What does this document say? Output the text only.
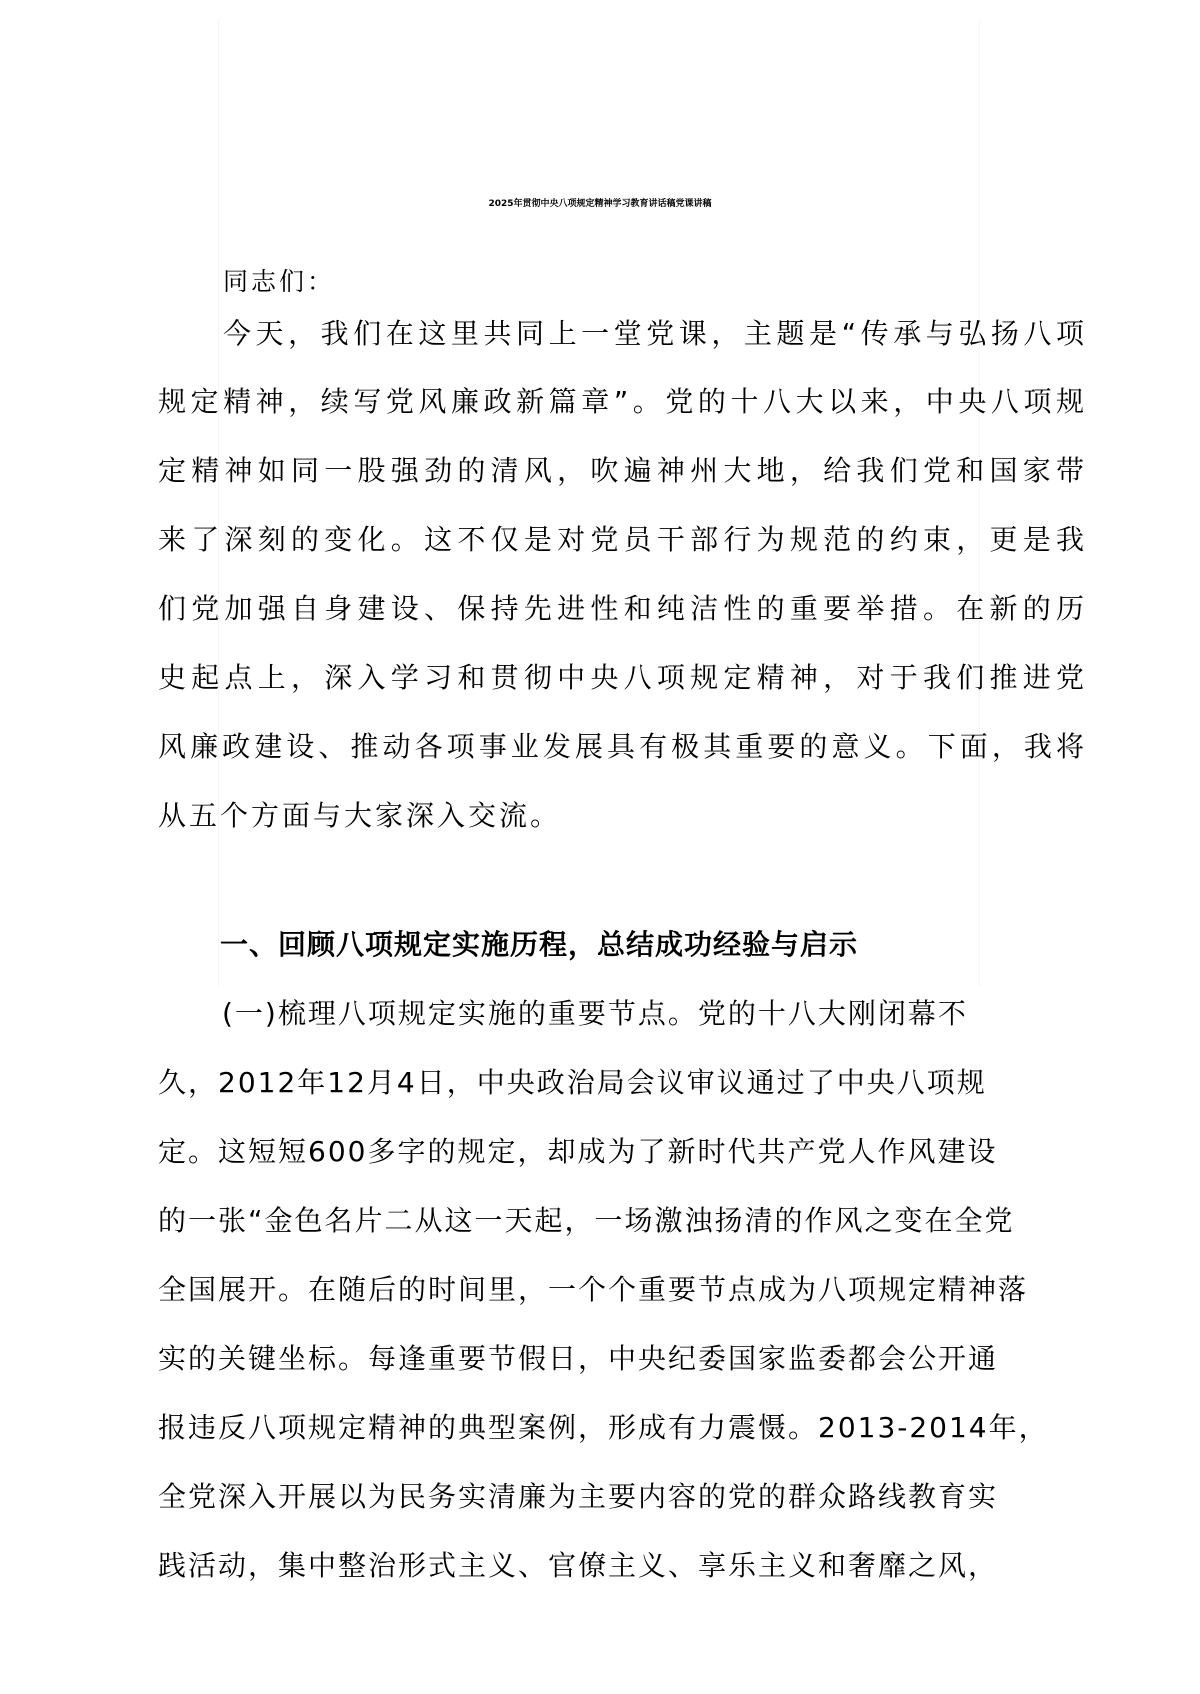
2025年贯彻中央八项规定精神学习教育讲话稿党课讲稿
同志们：
今天，我们在这里共同上一堂党课，主题是“传承与弘扬八项
规定精神，续写党风廉政新篇章”。党的十八大以来，中央八项规
定精神如同一股强劲的清风，吹遍神州大地，给我们党和国家带
来了深刻的变化。这不仅是对党员干部行为规范的约束，更是我
们党加强自身建设、保持先进性和纯洁性的重要举措。在新的历
史起点上，深入学习和贯彻中央八项规定精神，对于我们推进党
风廉政建设、推动各项事业发展具有极其重要的意义。下面，我将
从五个方面与大家深入交流。
一、回顾八项规定实施历程，总结成功经验与启示
(一)梳理八项规定实施的重要节点。党的十八大刚闭幕不
久，2012年12月4日，中央政治局会议审议通过了中央八项规
定。这短短600多字的规定，却成为了新时代共产党人作风建设
的一张“金色名片二从这一天起，一场激浊扬清的作风之变在全党
全国展开。在随后的时间里，一个个重要节点成为八项规定精神落
实的关键坐标。每逢重要节假日，中央纪委国家监委都会公开通
报违反八项规定精神的典型案例，形成有力震慑。2013-2014年，
全党深入开展以为民务实清廉为主要内容的党的群众路线教育实
践活动，集中整治形式主义、官僚主义、享乐主义和奢靡之风，
